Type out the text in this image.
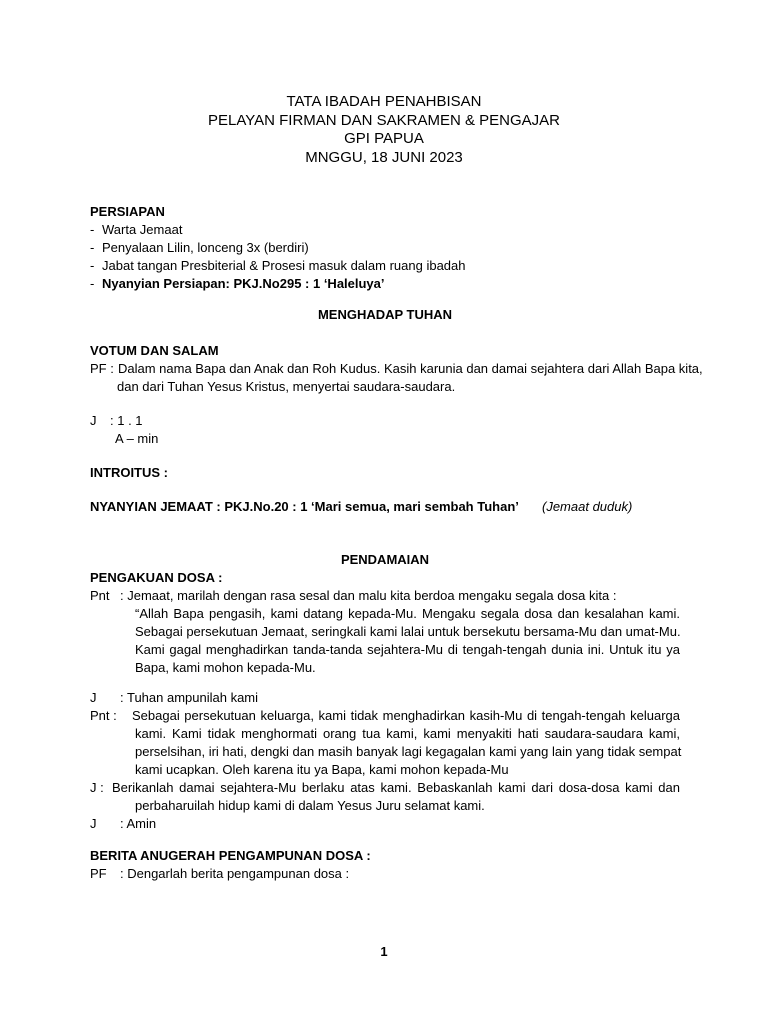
TATA IBADAH PENAHBISAN
PELAYAN FIRMAN DAN SAKRAMEN & PENGAJAR
GPI PAPUA
MNGGU, 18 JUNI 2023
PERSIAPAN
- Warta Jemaat
- Penyalaan Lilin, lonceng 3x (berdiri)
- Jabat tangan Presbiterial & Prosesi masuk dalam ruang ibadah
- Nyanyian Persiapan: PKJ.No295 : 1 ‘Haleluya’
MENGHADAP TUHAN
VOTUM DAN SALAM
PF : Dalam nama Bapa dan Anak dan Roh Kudus. Kasih karunia dan damai sejahtera dari Allah Bapa kita,
dan dari Tuhan Yesus Kristus, menyertai saudara-saudara.
J	: 1 . 1
A – min
INTROITUS :
NYANYIAN JEMAAT : PKJ.No.20 : 1 ‘Mari semua, mari sembah Tuhan’ (Jemaat duduk)
PENDAMAIAN
PENGAKUAN DOSA :
Pnt : Jemaat, marilah dengan rasa sesal dan malu kita berdoa mengaku segala dosa kita :
“Allah Bapa pengasih, kami datang kepada-Mu. Mengaku segala dosa dan kesalahan kami.
Sebagai persekutuan Jemaat, seringkali kami lalai untuk bersekutu bersama-Mu dan umat-Mu.
Kami gagal menghadirkan tanda-tanda sejahtera-Mu di tengah-tengah dunia ini. Untuk itu ya
Bapa, kami mohon kepada-Mu.
J	: Tuhan ampunilah kami
Pnt :	Sebagai persekutuan keluarga, kami tidak menghadirkan kasih-Mu di tengah-tengah keluarga
kami. Kami tidak menghormati orang tua kami, kami menyakiti hati saudara-saudara kami,
perselsihan, iri hati, dengki dan masih banyak lagi kegagalan kami yang lain yang tidak sempat
kami ucapkan. Oleh karena itu ya Bapa, kami mohon kepada-Mu
J : Berikanlah damai sejahtera-Mu berlaku atas kami. Bebaskanlah kami dari dosa-dosa kami dan
perbaharuilah hidup kami di dalam Yesus Juru selamat kami.
J	: Amin
BERITA ANUGERAH PENGAMPUNAN DOSA :
PF	: Dengarlah berita pengampunan dosa :
1
